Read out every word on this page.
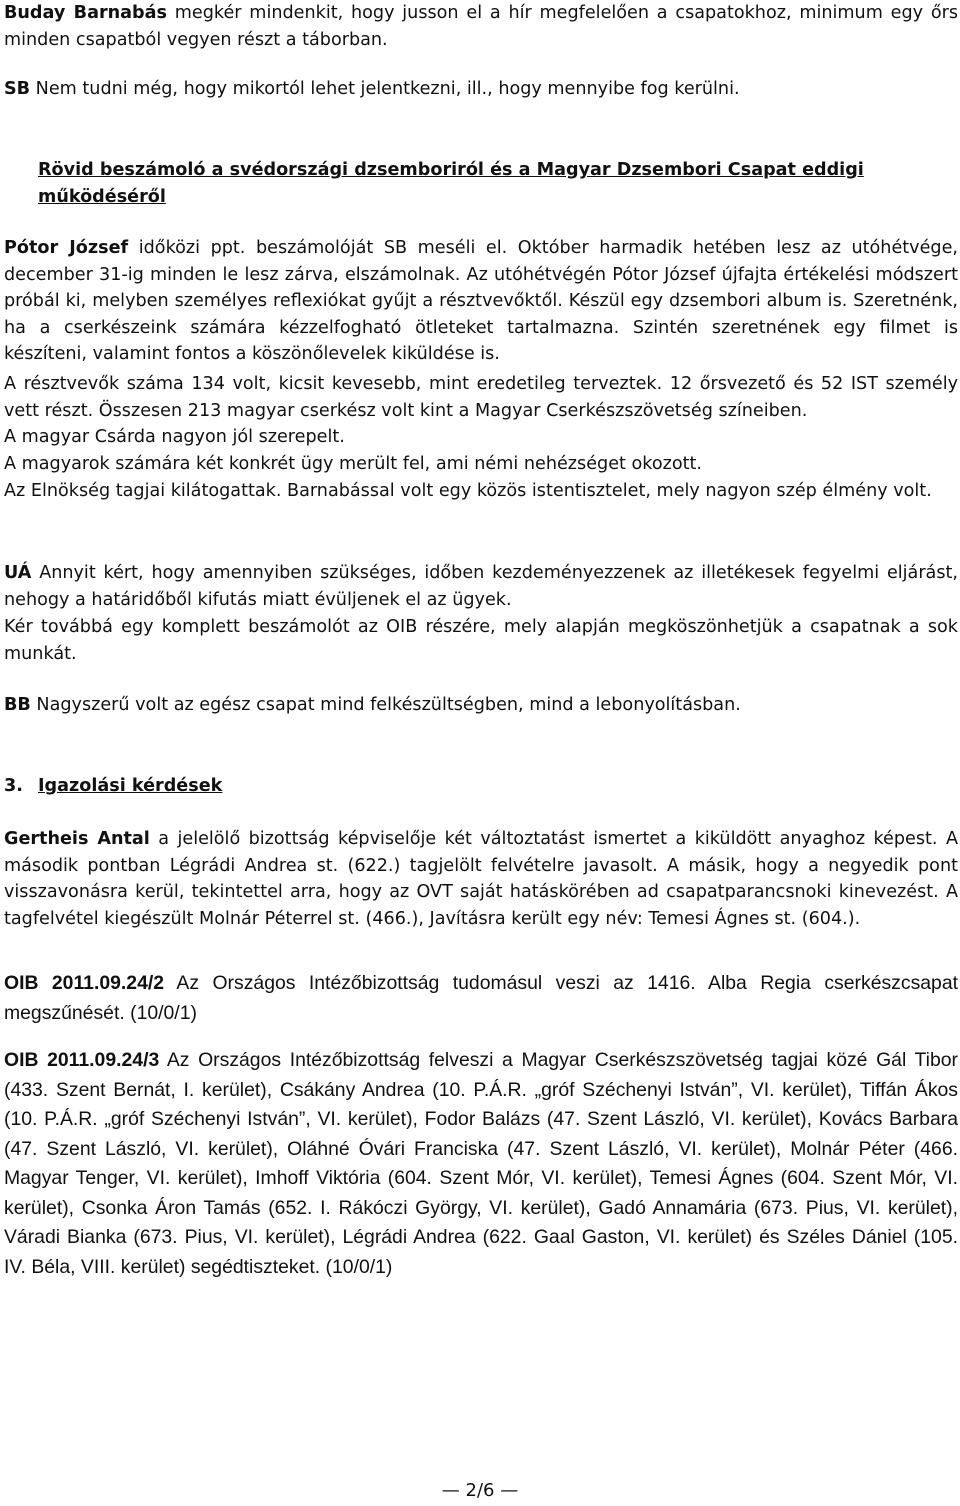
Buday Barnabás megkér mindenkit, hogy jusson el a hír megfelelően a csapatokhoz, minimum egy őrs minden csapatból vegyen részt a táborban.

SB Nem tudni még, hogy mikortól lehet jelentkezni, ill., hogy mennyibe fog kerülni.

Rövid beszámoló a svédországi dzsemboriról és a Magyar Dzsembori Csapat eddigi működéséről

Pótor József időközi ppt. beszámolóját SB meséli el. Október harmadik hetében lesz az utóhétvége, december 31-ig minden le lesz zárva, elszámolnak. Az utóhétvégén Pótor József újfajta értékelési módszert próbál ki, melyben személyes reflexiókat gyűjt a résztvevőktől. Készül egy dzsembori album is. Szeretnénk, ha a cserkészeink számára kézzelfogható ötleteket tartalmazna. Szintén szeretnének egy filmet is készíteni, valamint fontos a köszönőlevelek kiküldése is.

A résztvevők száma 134 volt, kicsit kevesebb, mint eredetileg terveztek. 12 őrsvezető és 52 IST személy vett részt. Összesen 213 magyar cserkész volt kint a Magyar Cserkészszövetség színeiben.

A magyar Csárda nagyon jól szerepelt.

A magyarok számára két konkrét ügy merült fel, ami némi nehézséget okozott.

Az Elnökség tagjai kilátogattak. Barnabással volt egy közös istentisztelet, mely nagyon szép élmény volt.

UÁ Annyit kért, hogy amennyiben szükséges, időben kezdeményezzenek az illetékesek fegyelmi eljárást, nehogy a határidőből kifutás miatt évüljenek el az ügyek.

Kér továbbá egy komplett beszámolót az OIB részére, mely alapján megköszönhetjük a csapatnak a sok munkát.

BB Nagyszerű volt az egész csapat mind felkészültségben, mind a lebonyolításban.

3. Igazolási kérdések

Gertheis Antal a jelelölő bizottság képviselője két változtatást ismertet a kiküldött anyaghoz képest. A második pontban Légrádi Andrea st. (622.) tagjelölt felvételre javasolt. A másik, hogy a negyedik pont visszavonásra kerül, tekintettel arra, hogy az OVT saját hatáskörében ad csapatparancsnoki kinevezést. A tagfelvétel kiegészült Molnár Péterrel st. (466.), Javításra került egy név: Temesi Ágnes st. (604.).

OIB 2011.09.24/2 Az Országos Intézőbizottság tudomásul veszi az 1416. Alba Regia cserkészcsapat megszűnését. (10/0/1)

OIB 2011.09.24/3 Az Országos Intézőbizottság felveszi a Magyar Cserkészszövetség tagjai közé Gál Tibor (433. Szent Bernát, I. kerület), Csákány Andrea (10. P.Á.R. „gróf Széchenyi István”, VI. kerület), Tiffán Ákos (10. P.Á.R. „gróf Széchenyi István”, VI. kerület), Fodor Balázs (47. Szent László, VI. kerület), Kovács Barbara (47. Szent László, VI. kerület), Oláhné Óvári Franciska (47. Szent László, VI. kerület), Molnár Péter (466. Magyar Tenger, VI. kerület), Imhoff Viktória (604. Szent Mór, VI. kerület), Temesi Ágnes (604. Szent Mór, VI. kerület), Csonka Áron Tamás (652. I. Rákóczi György, VI. kerület), Gadó Annamária (673. Pius, VI. kerület), Váradi Bianka (673. Pius, VI. kerület), Légrádi Andrea (622. Gaal Gaston, VI. kerület) és Széles Dániel (105. IV. Béla, VIII. kerület) segédtiszteket. (10/0/1)

— 2/6 —
